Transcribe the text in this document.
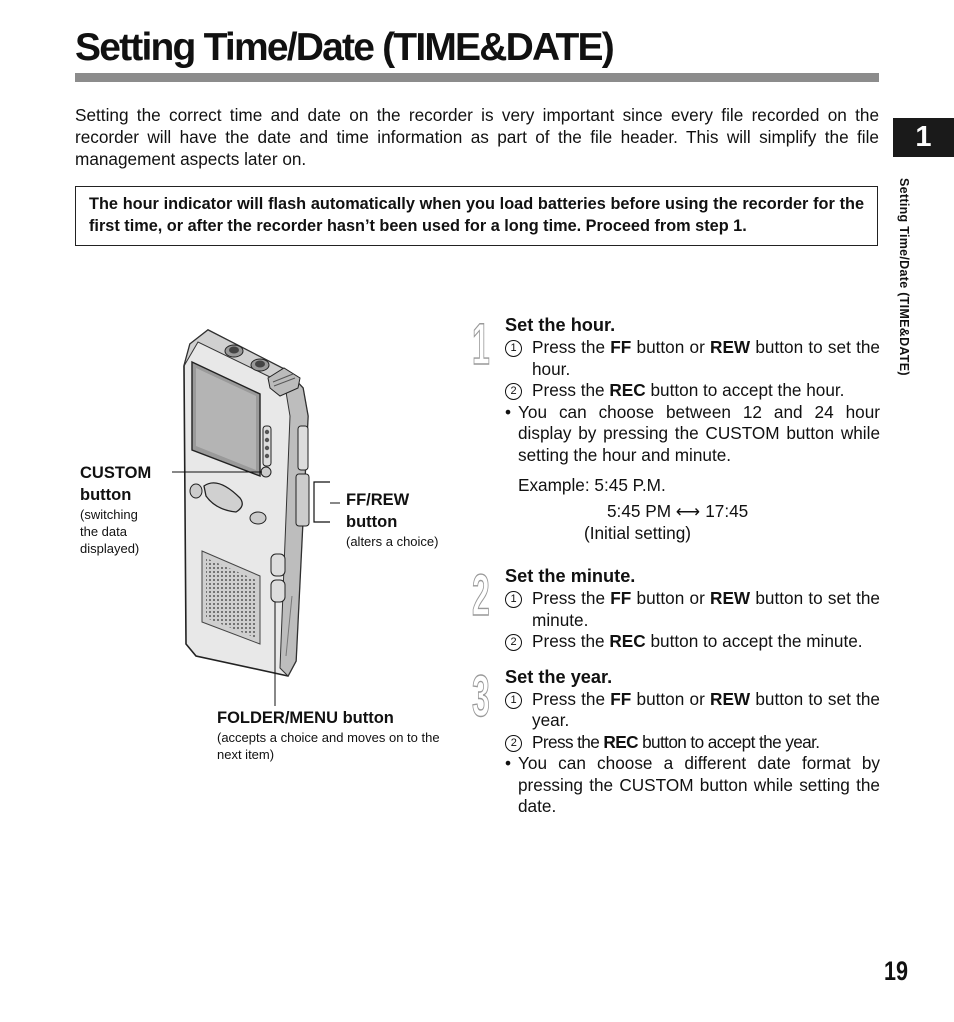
Setting Time/Date (TIME&DATE)

Setting the correct time and date on the recorder is very important since every file recorded on the recorder will have the date and time information as part of the file header. This will simplify the file management aspects later on.

The hour indicator will flash automatically when you load batteries before using the recorder for the first time, or after the recorder hasn’t been used for a long time. Proceed from step 1.
1
Setting Time/Date (TIME&DATE)
CUSTOM button
(switching the data displayed)
FF/REW button
(alters a choice)
FOLDER/MENU button
(accepts a choice and moves on to the next item)
1 Set the hour.
1 Press the FF button or REW button to set the hour.
2 Press the REC button to accept the hour.
• You can choose between 12 and 24 hour display by pressing the CUSTOM button while setting the hour and minute.
Example: 5:45 P.M.
5:45 PM ⟷ 17:45
(Initial setting)
2 Set the minute.
1 Press the FF button or REW button to set the minute.
2 Press the REC button to accept the minute.
3 Set the year.
1 Press the FF button or REW button to set the year.
2 Press the REC button to accept the year.
• You can choose a different date format by pressing the CUSTOM button while setting the date.
19
